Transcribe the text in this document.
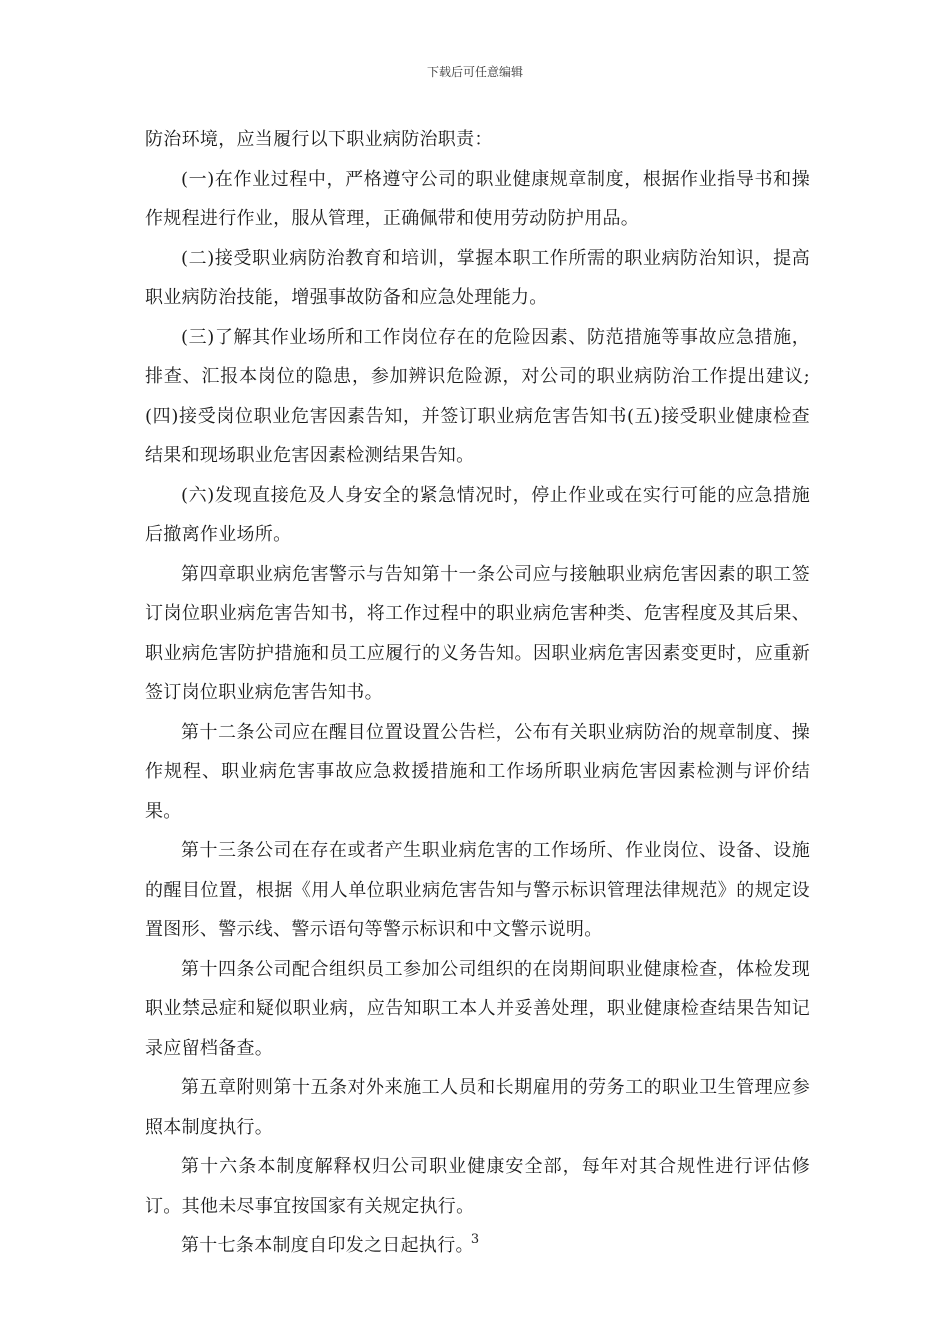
下载后可任意编辑

防治环境，应当履行以下职业病防治职责：

(一)在作业过程中，严格遵守公司的职业健康规章制度，根据作业指导书和操作规程进行作业，服从管理，正确佩带和使用劳动防护用品。

(二)接受职业病防治教育和培训，掌握本职工作所需的职业病防治知识，提高职业病防治技能，增强事故防备和应急处理能力。

(三)了解其作业场所和工作岗位存在的危险因素、防范措施等事故应急措施，排查、汇报本岗位的隐患，参加辨识危险源，对公司的职业病防治工作提出建议;(四)接受岗位职业危害因素告知，并签订职业病危害告知书(五)接受职业健康检查结果和现场职业危害因素检测结果告知。

(六)发现直接危及人身安全的紧急情况时，停止作业或在实行可能的应急措施后撤离作业场所。

第四章职业病危害警示与告知第十一条公司应与接触职业病危害因素的职工签订岗位职业病危害告知书，将工作过程中的职业病危害种类、危害程度及其后果、职业病危害防护措施和员工应履行的义务告知。因职业病危害因素变更时，应重新签订岗位职业病危害告知书。

第十二条公司应在醒目位置设置公告栏，公布有关职业病防治的规章制度、操作规程、职业病危害事故应急救援措施和工作场所职业病危害因素检测与评价结果。

第十三条公司在存在或者产生职业病危害的工作场所、作业岗位、设备、设施的醒目位置，根据《用人单位职业病危害告知与警示标识管理法律规范》的规定设置图形、警示线、警示语句等警示标识和中文警示说明。

第十四条公司配合组织员工参加公司组织的在岗期间职业健康检查，体检发现职业禁忌症和疑似职业病，应告知职工本人并妥善处理，职业健康检查结果告知记录应留档备查。

第五章附则第十五条对外来施工人员和长期雇用的劳务工的职业卫生管理应参照本制度执行。

第十六条本制度解释权归公司职业健康安全部，每年对其合规性进行评估修订。其他未尽事宜按国家有关规定执行。

第十七条本制度自印发之日起执行。

3
